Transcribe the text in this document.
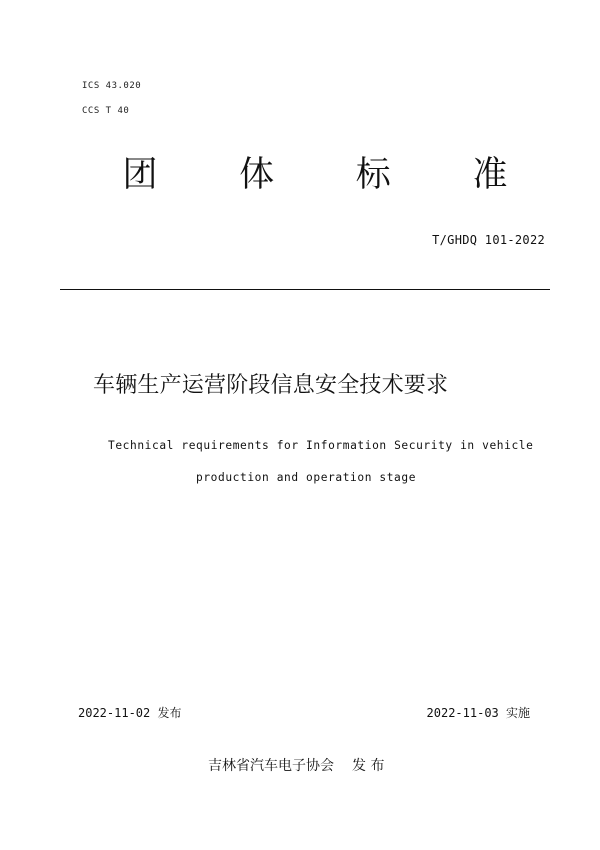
ICS 43.020
CCS T 40
团 体 标 准
T/GHDQ 101-2022
车辆生产运营阶段信息安全技术要求
Technical requirements for Information Security in vehicle
production and operation stage
2022-11-02 发布	2022-11-03 实施
吉林省汽车电子协会 发 布
